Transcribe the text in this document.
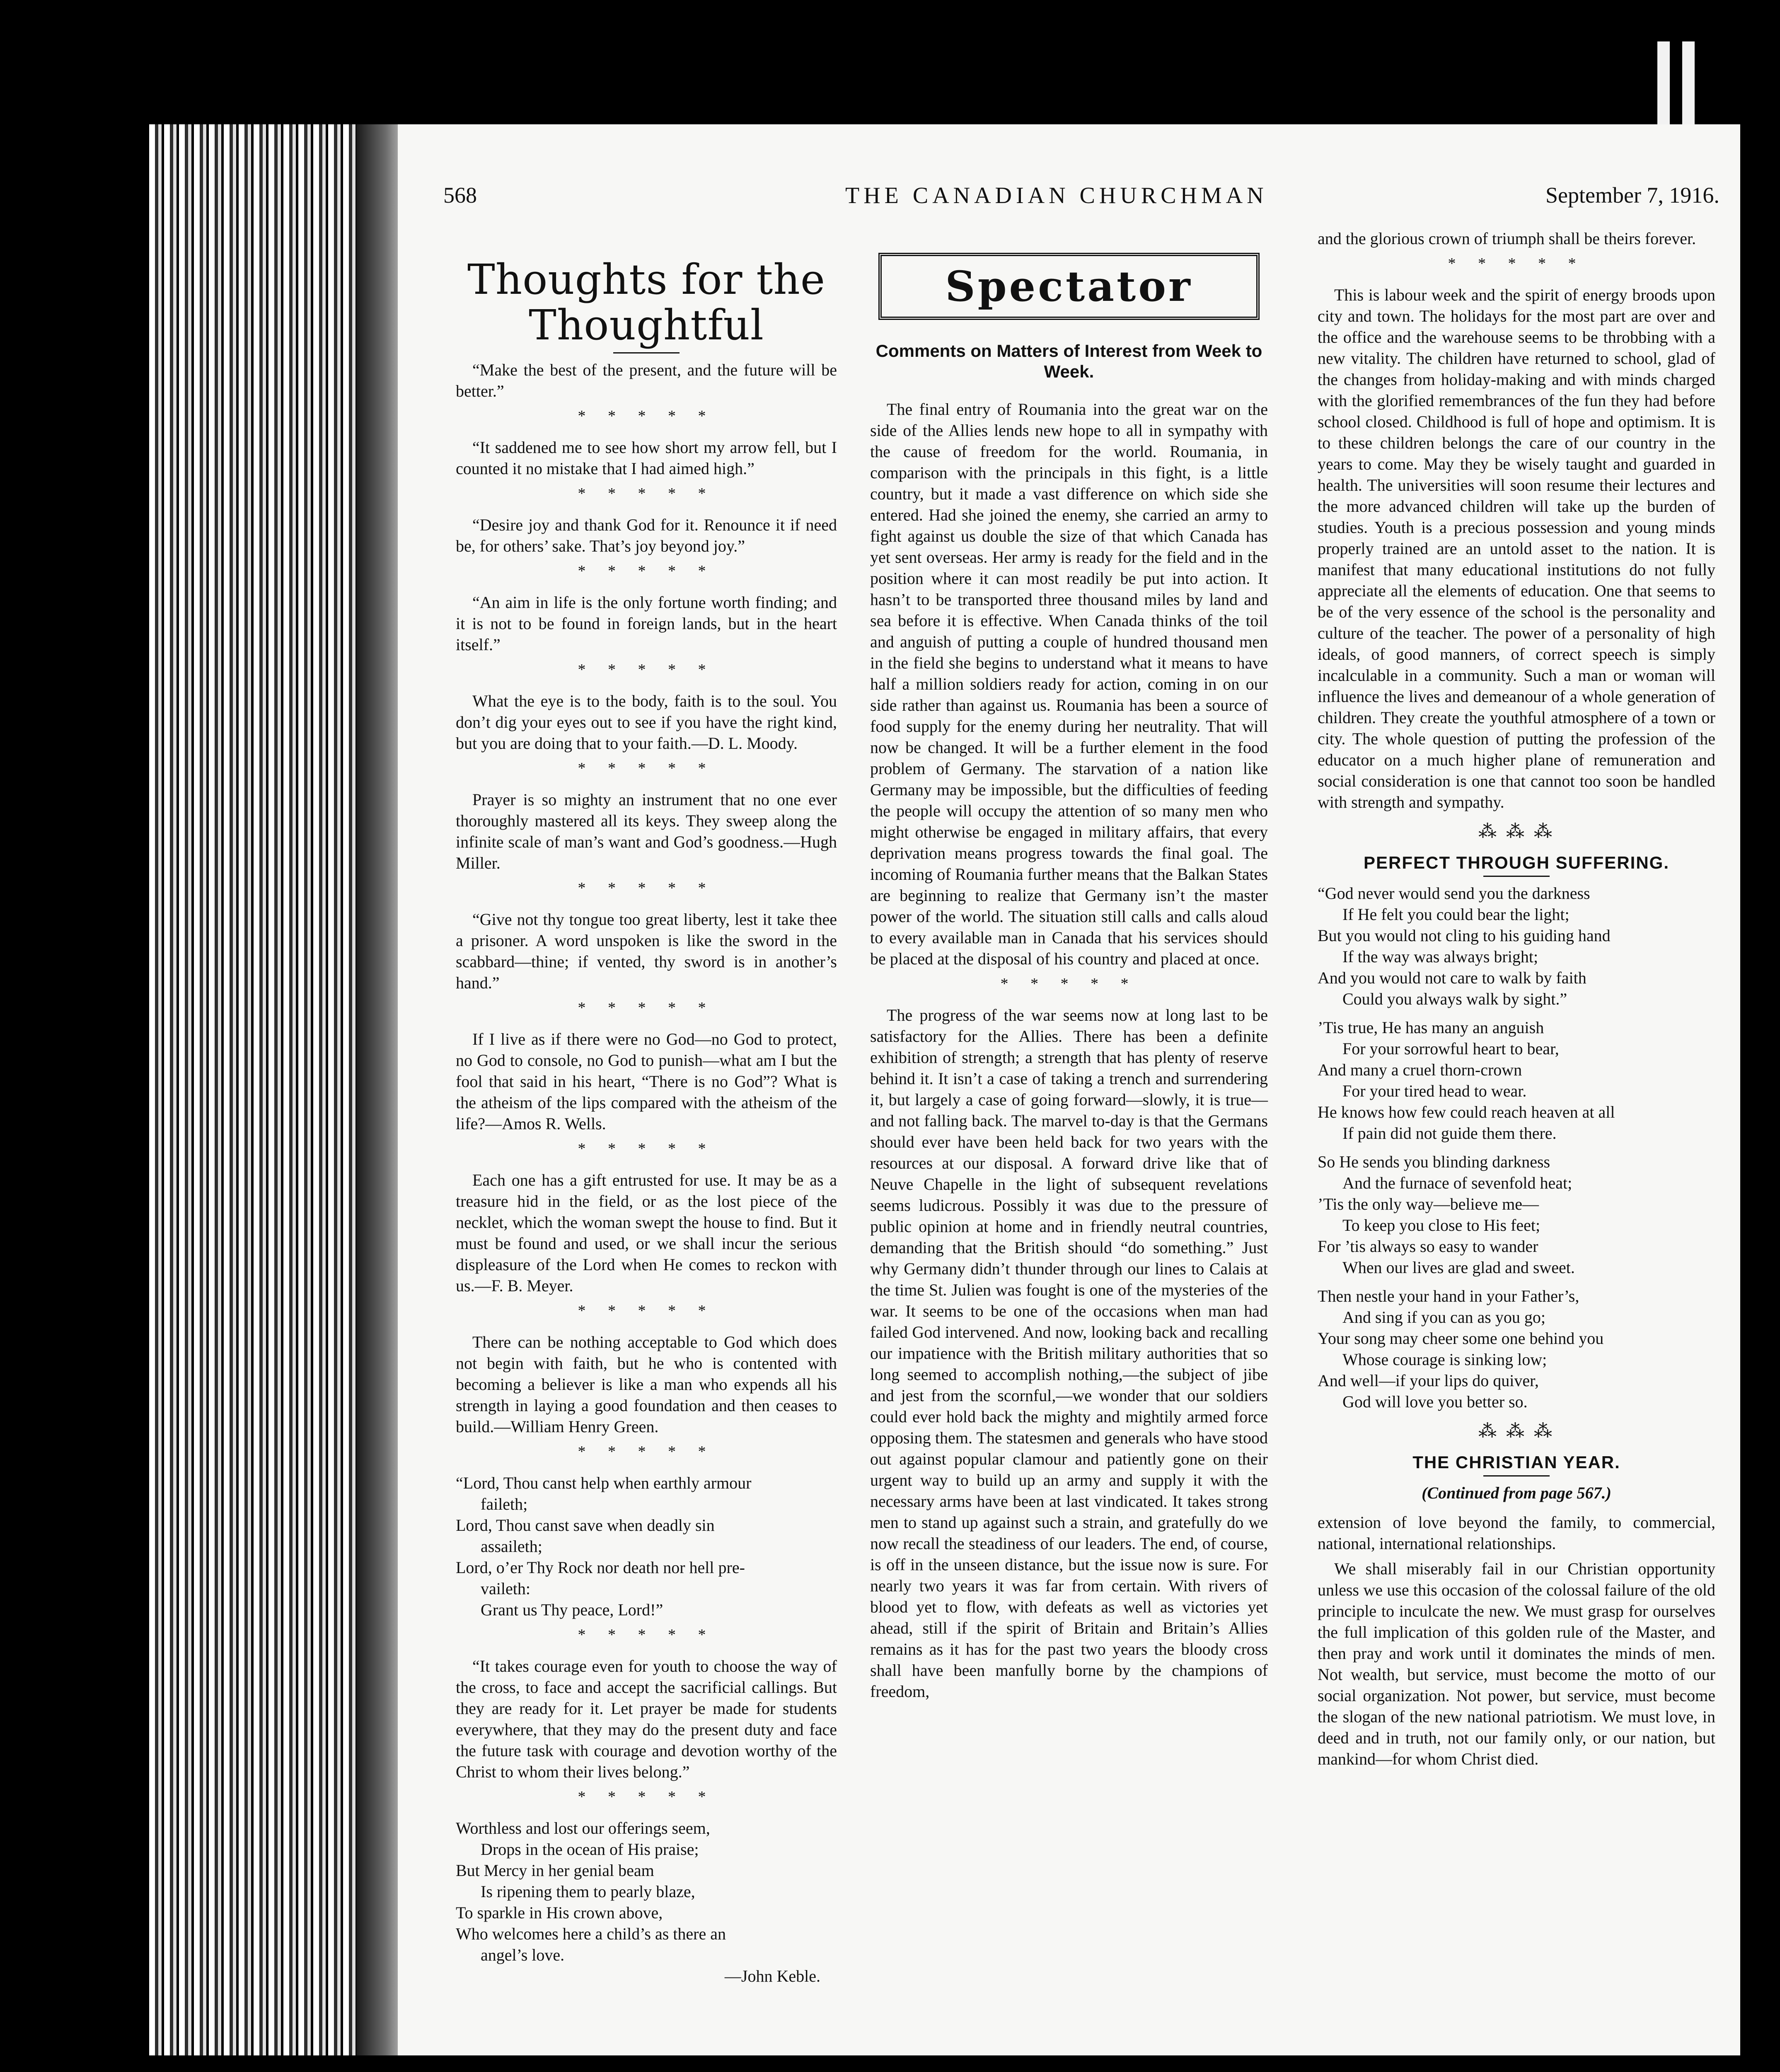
568	THE CANADIAN CHURCHMAN	September 7, 1916.
Thoughts for the Thoughtful

“Make the best of the present, and the future will be better.”

* * * * *

“It saddened me to see how short my arrow fell, but I counted it no mistake that I had aimed high.”

* * * * *

“Desire joy and thank God for it. Renounce it if need be, for others’ sake. That’s joy beyond joy.”

* * * * *

“An aim in life is the only fortune worth finding; and it is not to be found in foreign lands, but in the heart itself.”

* * * * *

What the eye is to the body, faith is to the soul. You don’t dig your eyes out to see if you have the right kind, but you are doing that to your faith.—D. L. Moody.

* * * * *

Prayer is so mighty an instrument that no one ever thoroughly mastered all its keys. They sweep along the infinite scale of man’s want and God’s goodness.—Hugh Miller.

* * * * *

“Give not thy tongue too great liberty, lest it take thee a prisoner. A word unspoken is like the sword in the scabbard—thine; if vented, thy sword is in another’s hand.”

* * * * *

If I live as if there were no God—no God to protect, no God to console, no God to punish—what am I but the fool that said in his heart, “There is no God”? What is the atheism of the lips compared with the atheism of the life?—Amos R. Wells.

* * * * *

Each one has a gift entrusted for use. It may be as a treasure hid in the field, or as the lost piece of the necklet, which the woman swept the house to find. But it must be found and used, or we shall incur the serious displeasure of the Lord when He comes to reckon with us.—F. B. Meyer.

* * * * *

There can be nothing acceptable to God which does not begin with faith, but he who is contented with becoming a believer is like a man who expends all his strength in laying a good foundation and then ceases to build.—William Henry Green.

* * * * *
“Lord, Thou canst help when earthly armour
faileth;
Lord, Thou canst save when deadly sin
assaileth;
Lord, o’er Thy Rock nor death nor hell pre-
vaileth:
Grant us Thy peace, Lord!”
* * * * *

“It takes courage even for youth to choose the way of the cross, to face and accept the sacrificial callings. But they are ready for it. Let prayer be made for students everywhere, that they may do the present duty and face the future task with courage and devotion worthy of the Christ to whom their lives belong.”

* * * * *
Worthless and lost our offerings seem,
Drops in the ocean of His praise;
But Mercy in her genial beam
Is ripening them to pearly blaze,
To sparkle in His crown above,
Who welcomes here a child’s as there an
angel’s love.
—John Keble.
Spectator
Comments on Matters of Interest from Week to Week.

The final entry of Roumania into the great war on the side of the Allies lends new hope to all in sympathy with the cause of freedom for the world. Roumania, in comparison with the principals in this fight, is a little country, but it made a vast difference on which side she entered. Had she joined the enemy, she carried an army to fight against us double the size of that which Canada has yet sent overseas. Her army is ready for the field and in the position where it can most readily be put into action. It hasn’t to be transported three thousand miles by land and sea before it is effective. When Canada thinks of the toil and anguish of putting a couple of hundred thousand men in the field she begins to understand what it means to have half a million soldiers ready for action, coming in on our side rather than against us. Roumania has been a source of food supply for the enemy during her neutrality. That will now be changed. It will be a further element in the food problem of Germany. The starvation of a nation like Germany may be impossible, but the difficulties of feeding the people will occupy the attention of so many men who might otherwise be engaged in military affairs, that every deprivation means progress towards the final goal. The incoming of Roumania further means that the Balkan States are beginning to realize that Germany isn’t the master power of the world. The situation still calls and calls aloud to every available man in Canada that his services should be placed at the disposal of his country and placed at once.

* * * * *

The progress of the war seems now at long last to be satisfactory for the Allies. There has been a definite exhibition of strength; a strength that has plenty of reserve behind it. It isn’t a case of taking a trench and surrendering it, but largely a case of going forward—slowly, it is true—and not falling back. The marvel to-day is that the Germans should ever have been held back for two years with the resources at our disposal. A forward drive like that of Neuve Chapelle in the light of subsequent revelations seems ludicrous. Possibly it was due to the pressure of public opinion at home and in friendly neutral countries, demanding that the British should “do something.” Just why Germany didn’t thunder through our lines to Calais at the time St. Julien was fought is one of the mysteries of the war. It seems to be one of the occasions when man had failed God intervened. And now, looking back and recalling our impatience with the British military authorities that so long seemed to accomplish nothing,—the subject of jibe and jest from the scornful,—we wonder that our soldiers could ever hold back the mighty and mightily armed force opposing them. The statesmen and generals who have stood out against popular clamour and patiently gone on their urgent way to build up an army and supply it with the necessary arms have been at last vindicated. It takes strong men to stand up against such a strain, and gratefully do we now recall the steadiness of our leaders. The end, of course, is off in the unseen distance, but the issue now is sure. For nearly two years it was far from certain. With rivers of blood yet to flow, with defeats as well as victories yet ahead, still if the spirit of Britain and Britain’s Allies remains as it has for the past two years the bloody cross shall have been manfully borne by the champions of freedom,

and the glorious crown of triumph shall be theirs forever.

* * * * *

This is labour week and the spirit of energy broods upon city and town. The holidays for the most part are over and the office and the warehouse seems to be throbbing with a new vitality. The children have returned to school, glad of the changes from holiday-making and with minds charged with the glorified remembrances of the fun they had before school closed. Childhood is full of hope and optimism. It is to these children belongs the care of our country in the years to come. May they be wisely taught and guarded in health. The universities will soon resume their lectures and the more advanced children will take up the burden of studies. Youth is a precious possession and young minds properly trained are an untold asset to the nation. It is manifest that many educational institutions do not fully appreciate all the elements of education. One that seems to be of the very essence of the school is the personality and culture of the teacher. The power of a personality of high ideals, of good manners, of correct speech is simply incalculable in a community. Such a man or woman will influence the lives and demeanour of a whole generation of children. They create the youthful atmosphere of a town or city. The whole question of putting the profession of the educator on a much higher plane of remuneration and social consideration is one that cannot too soon be handled with strength and sympathy.

⁂ ⁂ ⁂
PERFECT THROUGH SUFFERING.
“God never would send you the darkness
If He felt you could bear the light;
But you would not cling to his guiding hand
If the way was always bright;
And you would not care to walk by faith
Could you always walk by sight.”
’Tis true, He has many an anguish
For your sorrowful heart to bear,
And many a cruel thorn-crown
For your tired head to wear.
He knows how few could reach heaven at all
If pain did not guide them there.
So He sends you blinding darkness
And the furnace of sevenfold heat;
’Tis the only way—believe me—
To keep you close to His feet;
For ’tis always so easy to wander
When our lives are glad and sweet.
Then nestle your hand in your Father’s,
And sing if you can as you go;
Your song may cheer some one behind you
Whose courage is sinking low;
And well—if your lips do quiver,
God will love you better so.
⁂ ⁂ ⁂
THE CHRISTIAN YEAR.
(Continued from page 567.)

extension of love beyond the family, to commercial, national, international relationships.

We shall miserably fail in our Christian opportunity unless we use this occasion of the colossal failure of the old principle to inculcate the new. We must grasp for ourselves the full implication of this golden rule of the Master, and then pray and work until it dominates the minds of men. Not wealth, but service, must become the motto of our social organization. Not power, but service, must become the slogan of the new national patriotism. We must love, in deed and in truth, not our family only, or our nation, but mankind—for whom Christ died.
